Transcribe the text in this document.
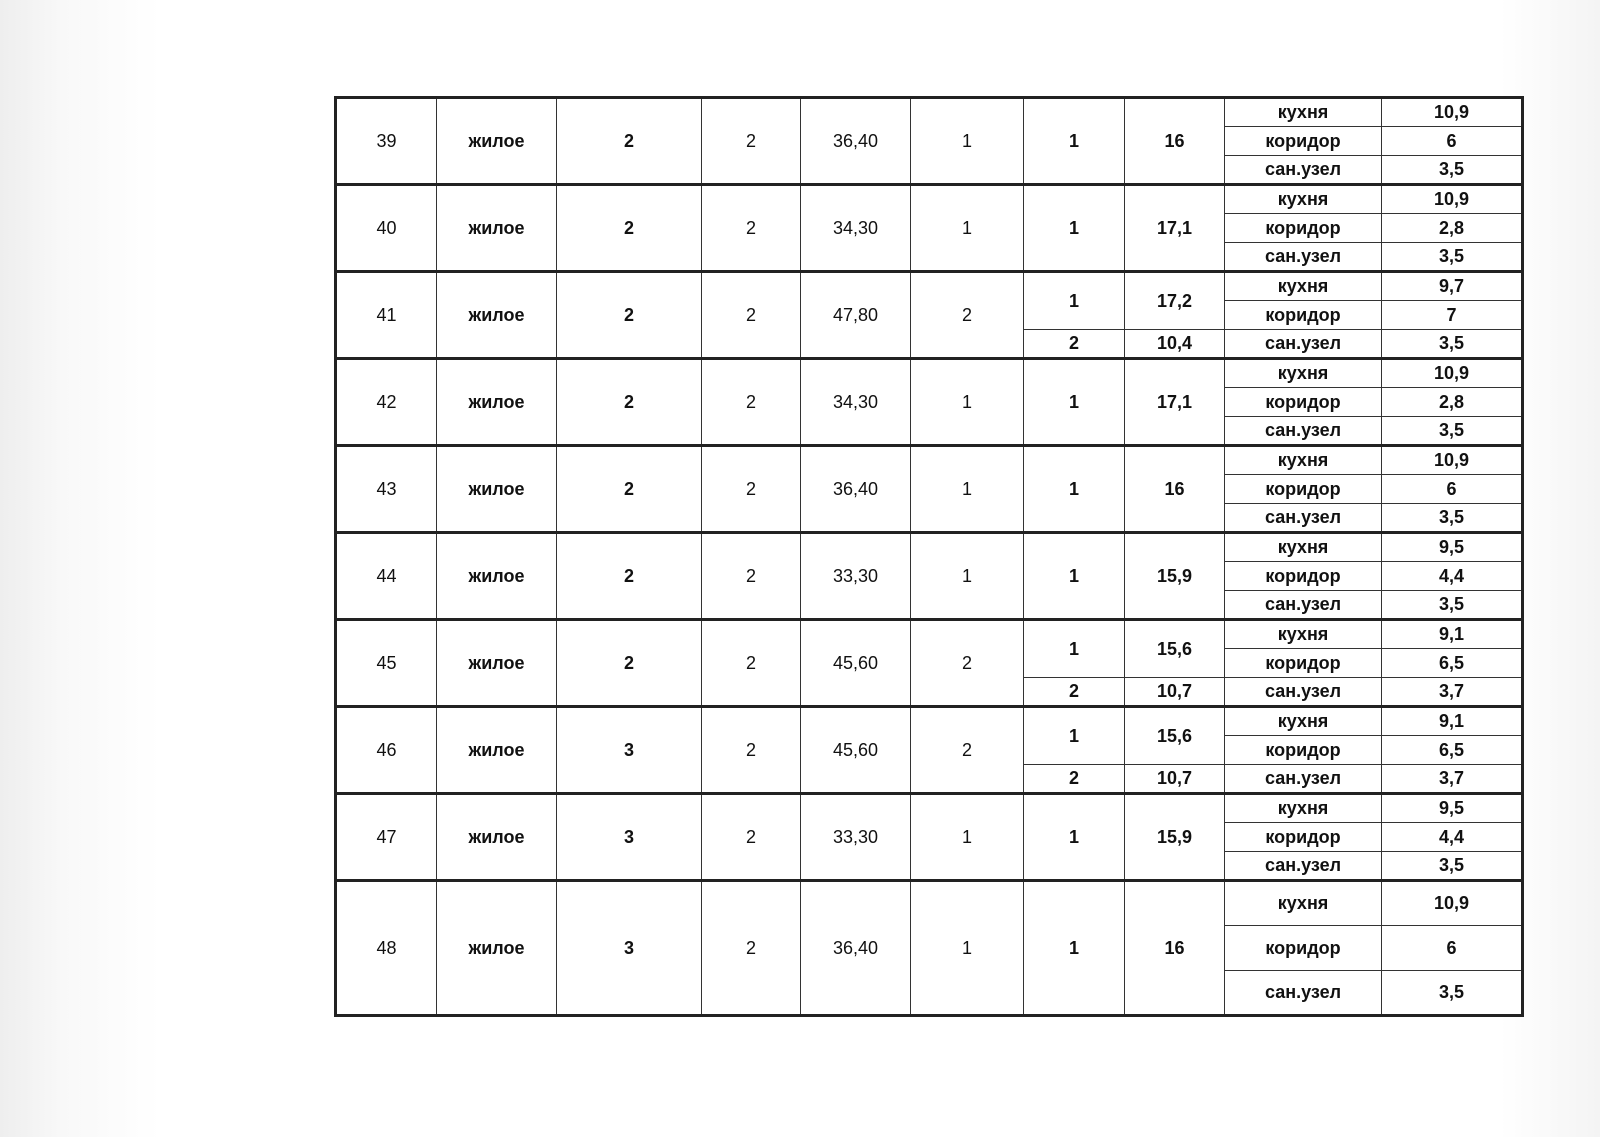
39	жилое	2	2	36,40	1	1	16	кухня	10,9
								коридор	6
								сан.узел	3,5
40	жилое	2	2	34,30	1	1	17,1	кухня	10,9
								коридор	2,8
								сан.узел	3,5
41	жилое	2	2	47,80	2	1	17,2	кухня	9,7
								коридор	7
						2	10,4	сан.узел	3,5
42	жилое	2	2	34,30	1	1	17,1	кухня	10,9
								коридор	2,8
								сан.узел	3,5
43	жилое	2	2	36,40	1	1	16	кухня	10,9
								коридор	6
								сан.узел	3,5
44	жилое	2	2	33,30	1	1	15,9	кухня	9,5
								коридор	4,4
								сан.узел	3,5
45	жилое	2	2	45,60	2	1	15,6	кухня	9,1
								коридор	6,5
						2	10,7	сан.узел	3,7
46	жилое	3	2	45,60	2	1	15,6	кухня	9,1
								коридор	6,5
						2	10,7	сан.узел	3,7
47	жилое	3	2	33,30	1	1	15,9	кухня	9,5
								коридор	4,4
								сан.узел	3,5
48	жилое	3	2	36,40	1	1	16	кухня	10,9
								коридор	6
								сан.узел	3,5
